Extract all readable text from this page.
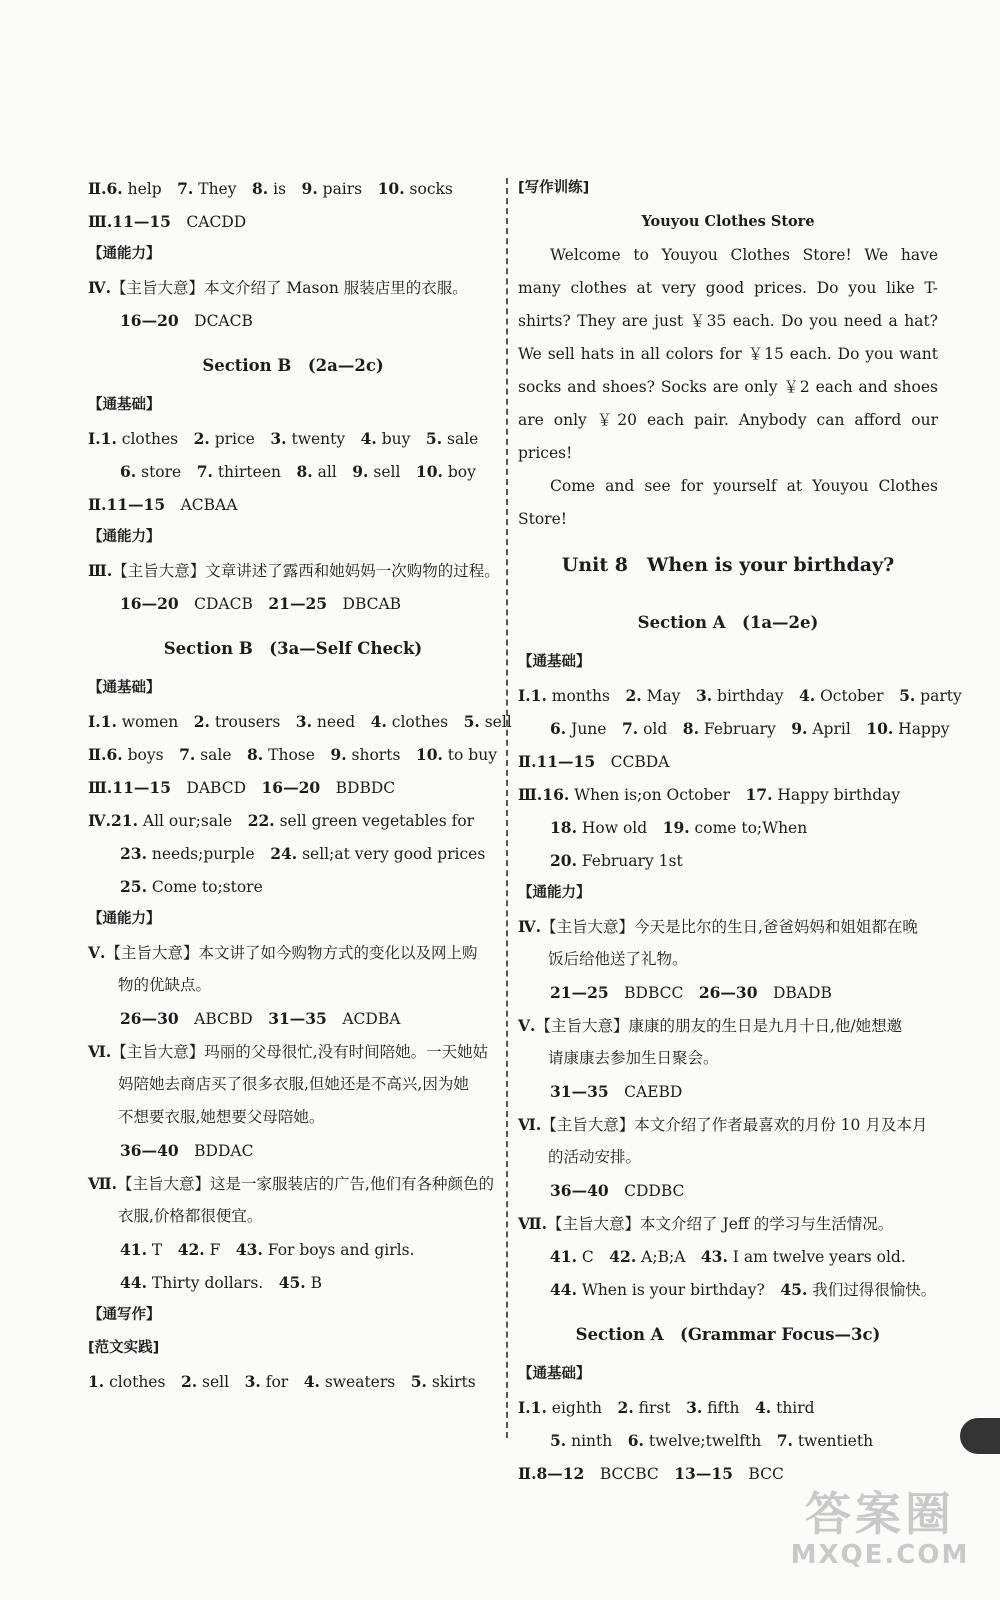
Ⅱ.6. help　7. They　8. is　9. pairs　10. socks
Ⅲ.11—15　CACDD
【通能力】
Ⅳ.【主旨大意】本文介绍了 Mason 服装店里的衣服。
16—20　DCACB
Section B　(2a—2c)
【通基础】
Ⅰ.1. clothes　2. price　3. twenty　4. buy　5. sale
6. store　7. thirteen　8. all　9. sell　10. boy
Ⅱ.11—15　ACBAA
【通能力】
Ⅲ.【主旨大意】文章讲述了露西和她妈妈一次购物的过程。
16—20　CDACB　21—25　DBCAB
Section B　(3a—Self Check)
【通基础】
Ⅰ.1. women　2. trousers　3. need　4. clothes　5. sell
Ⅱ.6. boys　7. sale　8. Those　9. shorts　10. to buy
Ⅲ.11—15　DABCD　16—20　BDBDC
Ⅳ.21. All our;sale　22. sell green vegetables for
23. needs;purple　24. sell;at very good prices
25. Come to;store
【通能力】
Ⅴ.【主旨大意】本文讲了如今购物方式的变化以及网上购
物的优缺点。
26—30　ABCBD　31—35　ACDBA
Ⅵ.【主旨大意】玛丽的父母很忙,没有时间陪她。一天她姑
妈陪她去商店买了很多衣服,但她还是不高兴,因为她
不想要衣服,她想要父母陪她。
36—40　BDDAC
Ⅶ.【主旨大意】这是一家服装店的广告,他们有各种颜色的
衣服,价格都很便宜。
41. T　42. F　43. For boys and girls.
44. Thirty dollars.　45. B
【通写作】
[范文实践]
1. clothes　2. sell　3. for　4. sweaters　5. skirts
[写作训练]
Youyou Clothes Store
Welcome to Youyou Clothes Store! We have many clothes at very good prices. Do you like T-shirts? They are just ￥35 each. Do you need a hat? We sell hats in all colors for ￥15 each. Do you want socks and shoes? Socks are only ￥2 each and shoes are only ￥20 each pair. Anybody can afford our prices!
Come and see for yourself at Youyou Clothes Store!
Unit 8　When is your birthday?
Section A　(1a—2e)
【通基础】
Ⅰ.1. months　2. May　3. birthday　4. October　5. party
6. June　7. old　8. February　9. April　10. Happy
Ⅱ.11—15　CCBDA
Ⅲ.16. When is;on October　17. Happy birthday
18. How old　19. come to;When
20. February 1st
【通能力】
Ⅳ.【主旨大意】今天是比尔的生日,爸爸妈妈和姐姐都在晚
饭后给他送了礼物。
21—25　BDBCC　26—30　DBADB
Ⅴ.【主旨大意】康康的朋友的生日是九月十日,他/她想邀
请康康去参加生日聚会。
31—35　CAEBD
Ⅵ.【主旨大意】本文介绍了作者最喜欢的月份 10 月及本月
的活动安排。
36—40　CDDBC
Ⅶ.【主旨大意】本文介绍了 Jeff 的学习与生活情况。
41. C　42. A;B;A　43. I am twelve years old.
44. When is your birthday?　45. 我们过得很愉快。
Section A　(Grammar Focus—3c)
【通基础】
Ⅰ.1. eighth　2. first　3. fifth　4. third
5. ninth　6. twelve;twelfth　7. twentieth
Ⅱ.8—12　BCCBC　13—15　BCC
答案圈
MXQE.COM
